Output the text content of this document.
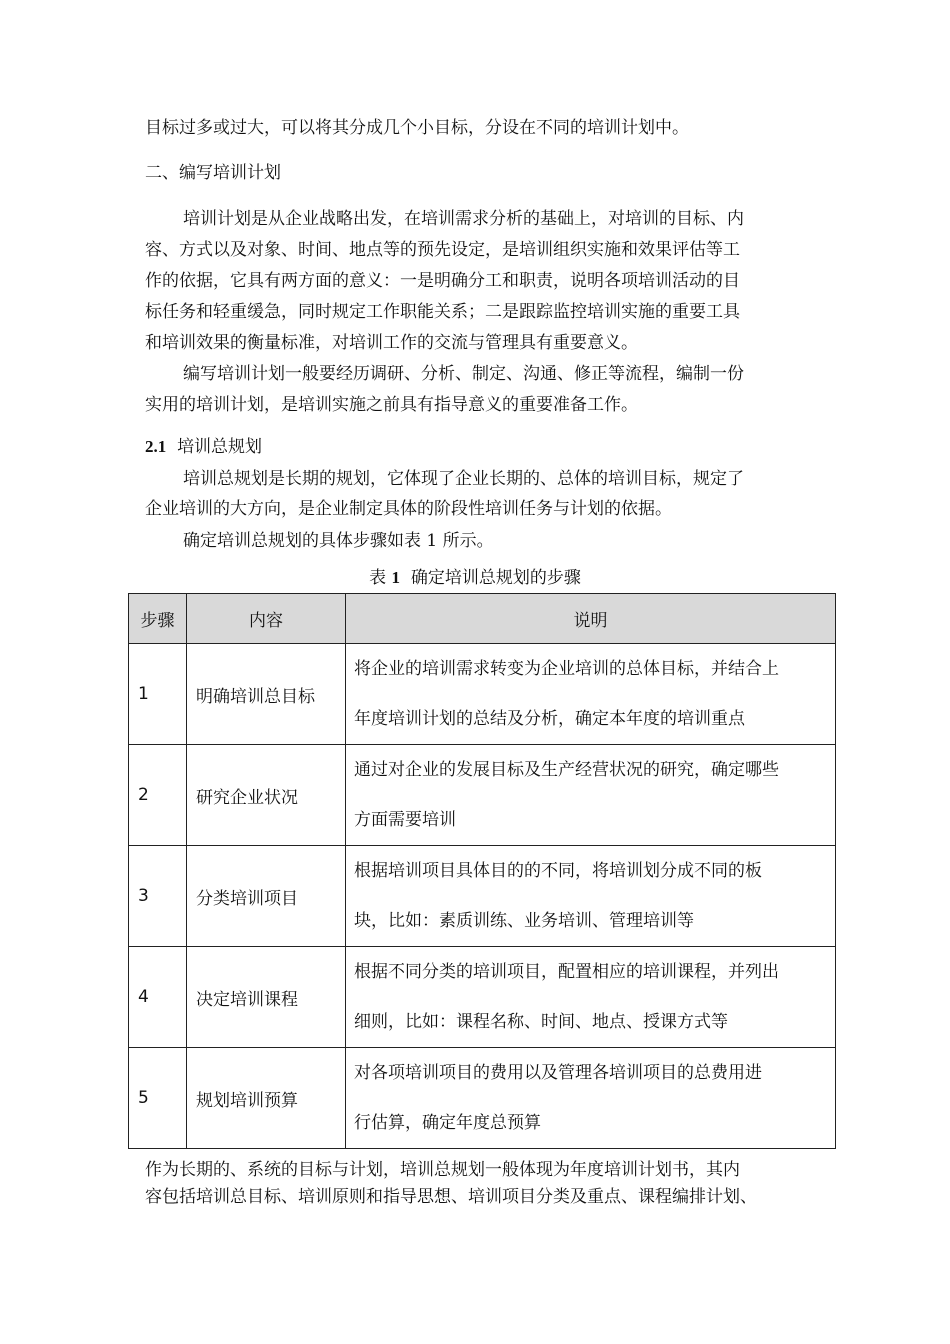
目标过多或过大，可以将其分成几个小目标，分设在不同的培训计划中。
二、编写培训计划
培训计划是从企业战略出发，在培训需求分析的基础上，对培训的目标、内
容、方式以及对象、时间、地点等的预先设定，是培训组织实施和效果评估等工
作的依据，它具有两方面的意义：一是明确分工和职责，说明各项培训活动的目
标任务和轻重缓急，同时规定工作职能关系；二是跟踪监控培训实施的重要工具
和培训效果的衡量标准，对培训工作的交流与管理具有重要意义。
编写培训计划一般要经历调研、分析、制定、沟通、修正等流程，编制一份
实用的培训计划，是培训实施之前具有指导意义的重要准备工作。
2.1 培训总规划
培训总规划是长期的规划，它体现了企业长期的、总体的培训目标，规定了
企业培训的大方向，是企业制定具体的阶段性培训任务与计划的依据。
确定培训总规划的具体步骤如表 1 所示。
表 1 确定培训总规划的步骤
步骤	内容	说明
1	明确培训总目标	将企业的培训需求转变为企业培训的总体目标，并结合上
年度培训计划的总结及分析，确定本年度的培训重点

2	研究企业状况	通过对企业的发展目标及生产经营状况的研究，确定哪些
方面需要培训

3	分类培训项目	根据培训项目具体目的的不同，将培训划分成不同的板
块，比如：素质训练、业务培训、管理培训等

4	决定培训课程	根据不同分类的培训项目，配置相应的培训课程，并列出
细则，比如：课程名称、时间、地点、授课方式等

5	规划培训预算	对各项培训项目的费用以及管理各培训项目的总费用进
行估算，确定年度总预算
作为长期的、系统的目标与计划，培训总规划一般体现为年度培训计划书，其内
容包括培训总目标、培训原则和指导思想、培训项目分类及重点、课程编排计划、
